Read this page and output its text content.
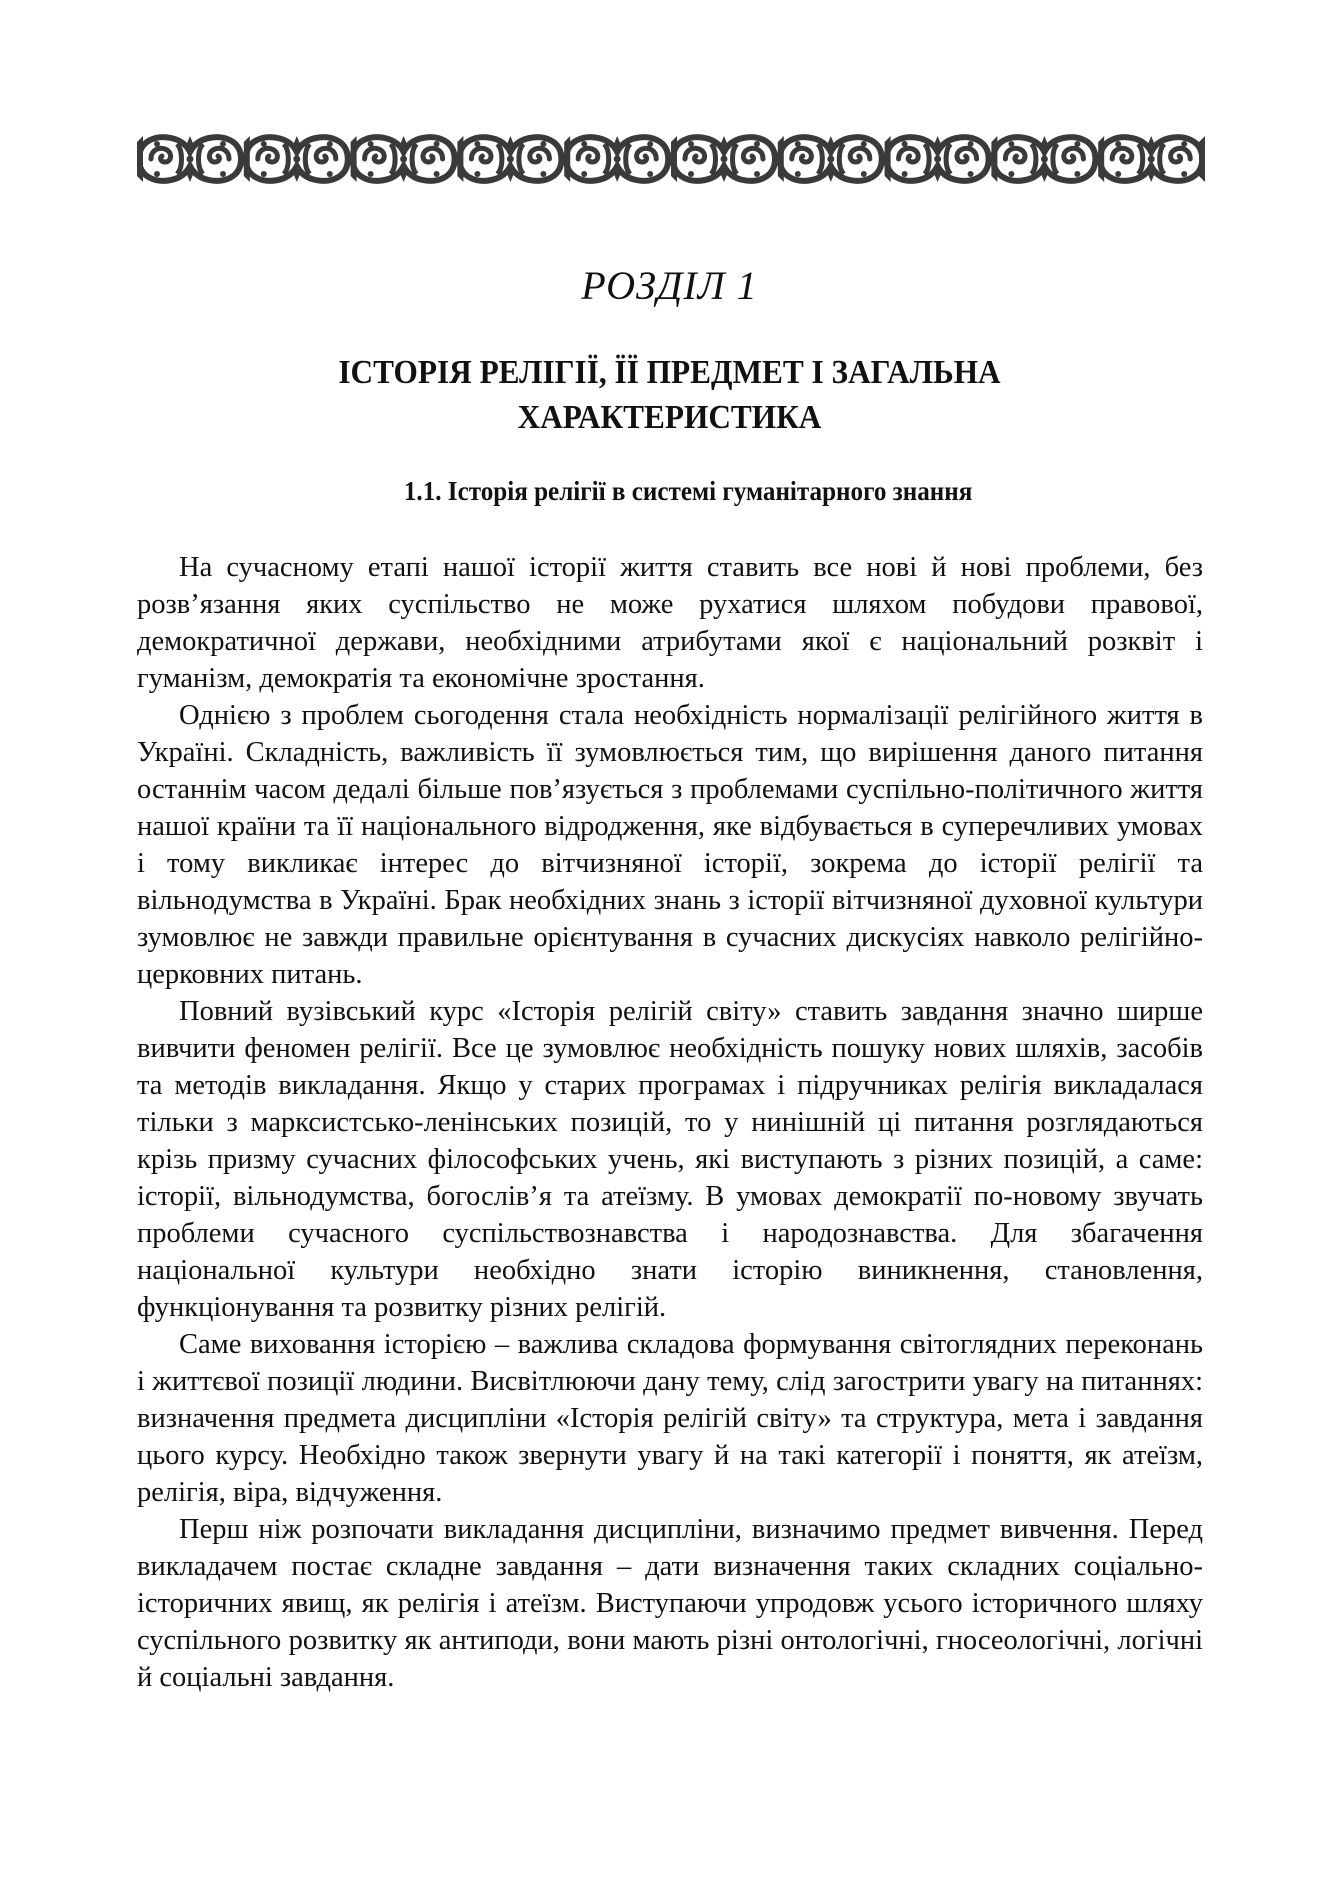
РОЗДІЛ 1
ІСТОРІЯ РЕЛІГІЇ, ЇЇ ПРЕДМЕТ І ЗАГАЛЬНА
ХАРАКТЕРИСТИКА
1.1. Історія релігії в системі гуманітарного знання

На сучасному етапі нашої історії життя ставить все нові й нові проблеми, без розв’язання яких суспільство не може рухатися шляхом побудови правової, демократичної держави, необхідними атрибутами якої є національний розквіт і гуманізм, демократія та економічне зростання.

Однією з проблем сьогодення стала необхідність нормалізації релігійного життя в Україні. Складність, важливість її зумовлюється тим, що вирішення даного питання останнім часом дедалі більше пов’язується з проблемами суспільно-політичного життя нашої країни та її національного відродження, яке відбувається в суперечливих умовах і тому викликає інтерес до вітчизняної історії, зокрема до історії релігії та вільнодумства в Україні. Брак необхідних знань з історії вітчизняної духовної культури зумовлює не завжди правильне орієнтування в сучасних дискусіях навколо релігійно-церковних питань.

Повний вузівський курс «Історія релігій світу» ставить завдання значно ширше вивчити феномен релігії. Все це зумовлює необхідність пошуку нових шляхів, засобів та методів викладання. Якщо у старих програмах і підручниках релігія викладалася тільки з марксистсько-ленінських позицій, то у нинішній ці питання розглядаються крізь призму сучасних філософських учень, які виступають з різних позицій, а саме: історії, вільнодумства, богослів’я та атеїзму. В умовах демократії по-новому звучать проблеми сучасного суспільствознавства і народознавства. Для збагачення національної культури необхідно знати історію виникнення, становлення, функціонування та розвитку різних релігій.

Саме виховання історією – важлива складова формування світоглядних переконань і життєвої позиції людини. Висвітлюючи дану тему, слід загострити увагу на питаннях: визначення предмета дисципліни «Історія релігій світу» та структура, мета і завдання цього курсу. Необхідно також звернути увагу й на такі категорії і поняття, як атеїзм, релігія, віра, відчуження.

Перш ніж розпочати викладання дисципліни, визначимо предмет вивчення. Перед викладачем постає складне завдання – дати визначення таких складних соціально-історичних явищ, як релігія і атеїзм. Виступаючи упродовж усього історичного шляху суспільного розвитку як антиподи, вони мають різні онтологічні, гносеологічні, логічні й соціальні завдання.
